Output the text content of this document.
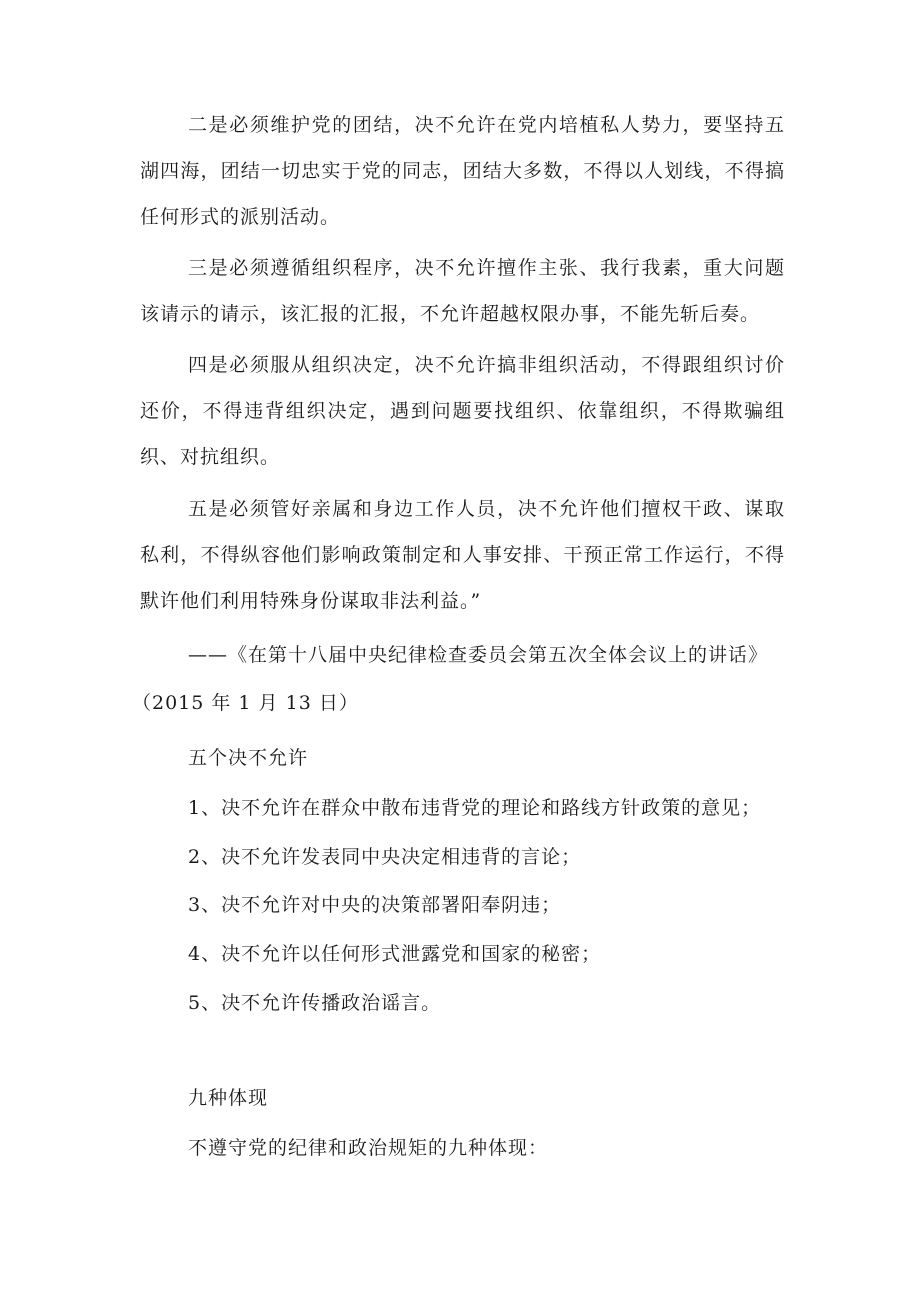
二是必须维护党的团结，决不允许在党内培植私人势力，要坚持五湖四海，团结一切忠实于党的同志，团结大多数，不得以人划线，不得搞任何形式的派别活动。

三是必须遵循组织程序，决不允许擅作主张、我行我素，重大问题该请示的请示，该汇报的汇报，不允许超越权限办事，不能先斩后奏。

四是必须服从组织决定，决不允许搞非组织活动，不得跟组织讨价还价，不得违背组织决定，遇到问题要找组织、依靠组织，不得欺骗组织、对抗组织。

五是必须管好亲属和身边工作人员，决不允许他们擅权干政、谋取私利，不得纵容他们影响政策制定和人事安排、干预正常工作运行，不得默许他们利用特殊身份谋取非法利益。”

——《在第十八届中央纪律检查委员会第五次全体会议上的讲话》

（2015 年 1 月 13 日）

五个决不允许

1、决不允许在群众中散布违背党的理论和路线方针政策的意见；

2、决不允许发表同中央决定相违背的言论；

3、决不允许对中央的决策部署阳奉阴违；

4、决不允许以任何形式泄露党和国家的秘密；

5、决不允许传播政治谣言。

九种体现

不遵守党的纪律和政治规矩的九种体现：
